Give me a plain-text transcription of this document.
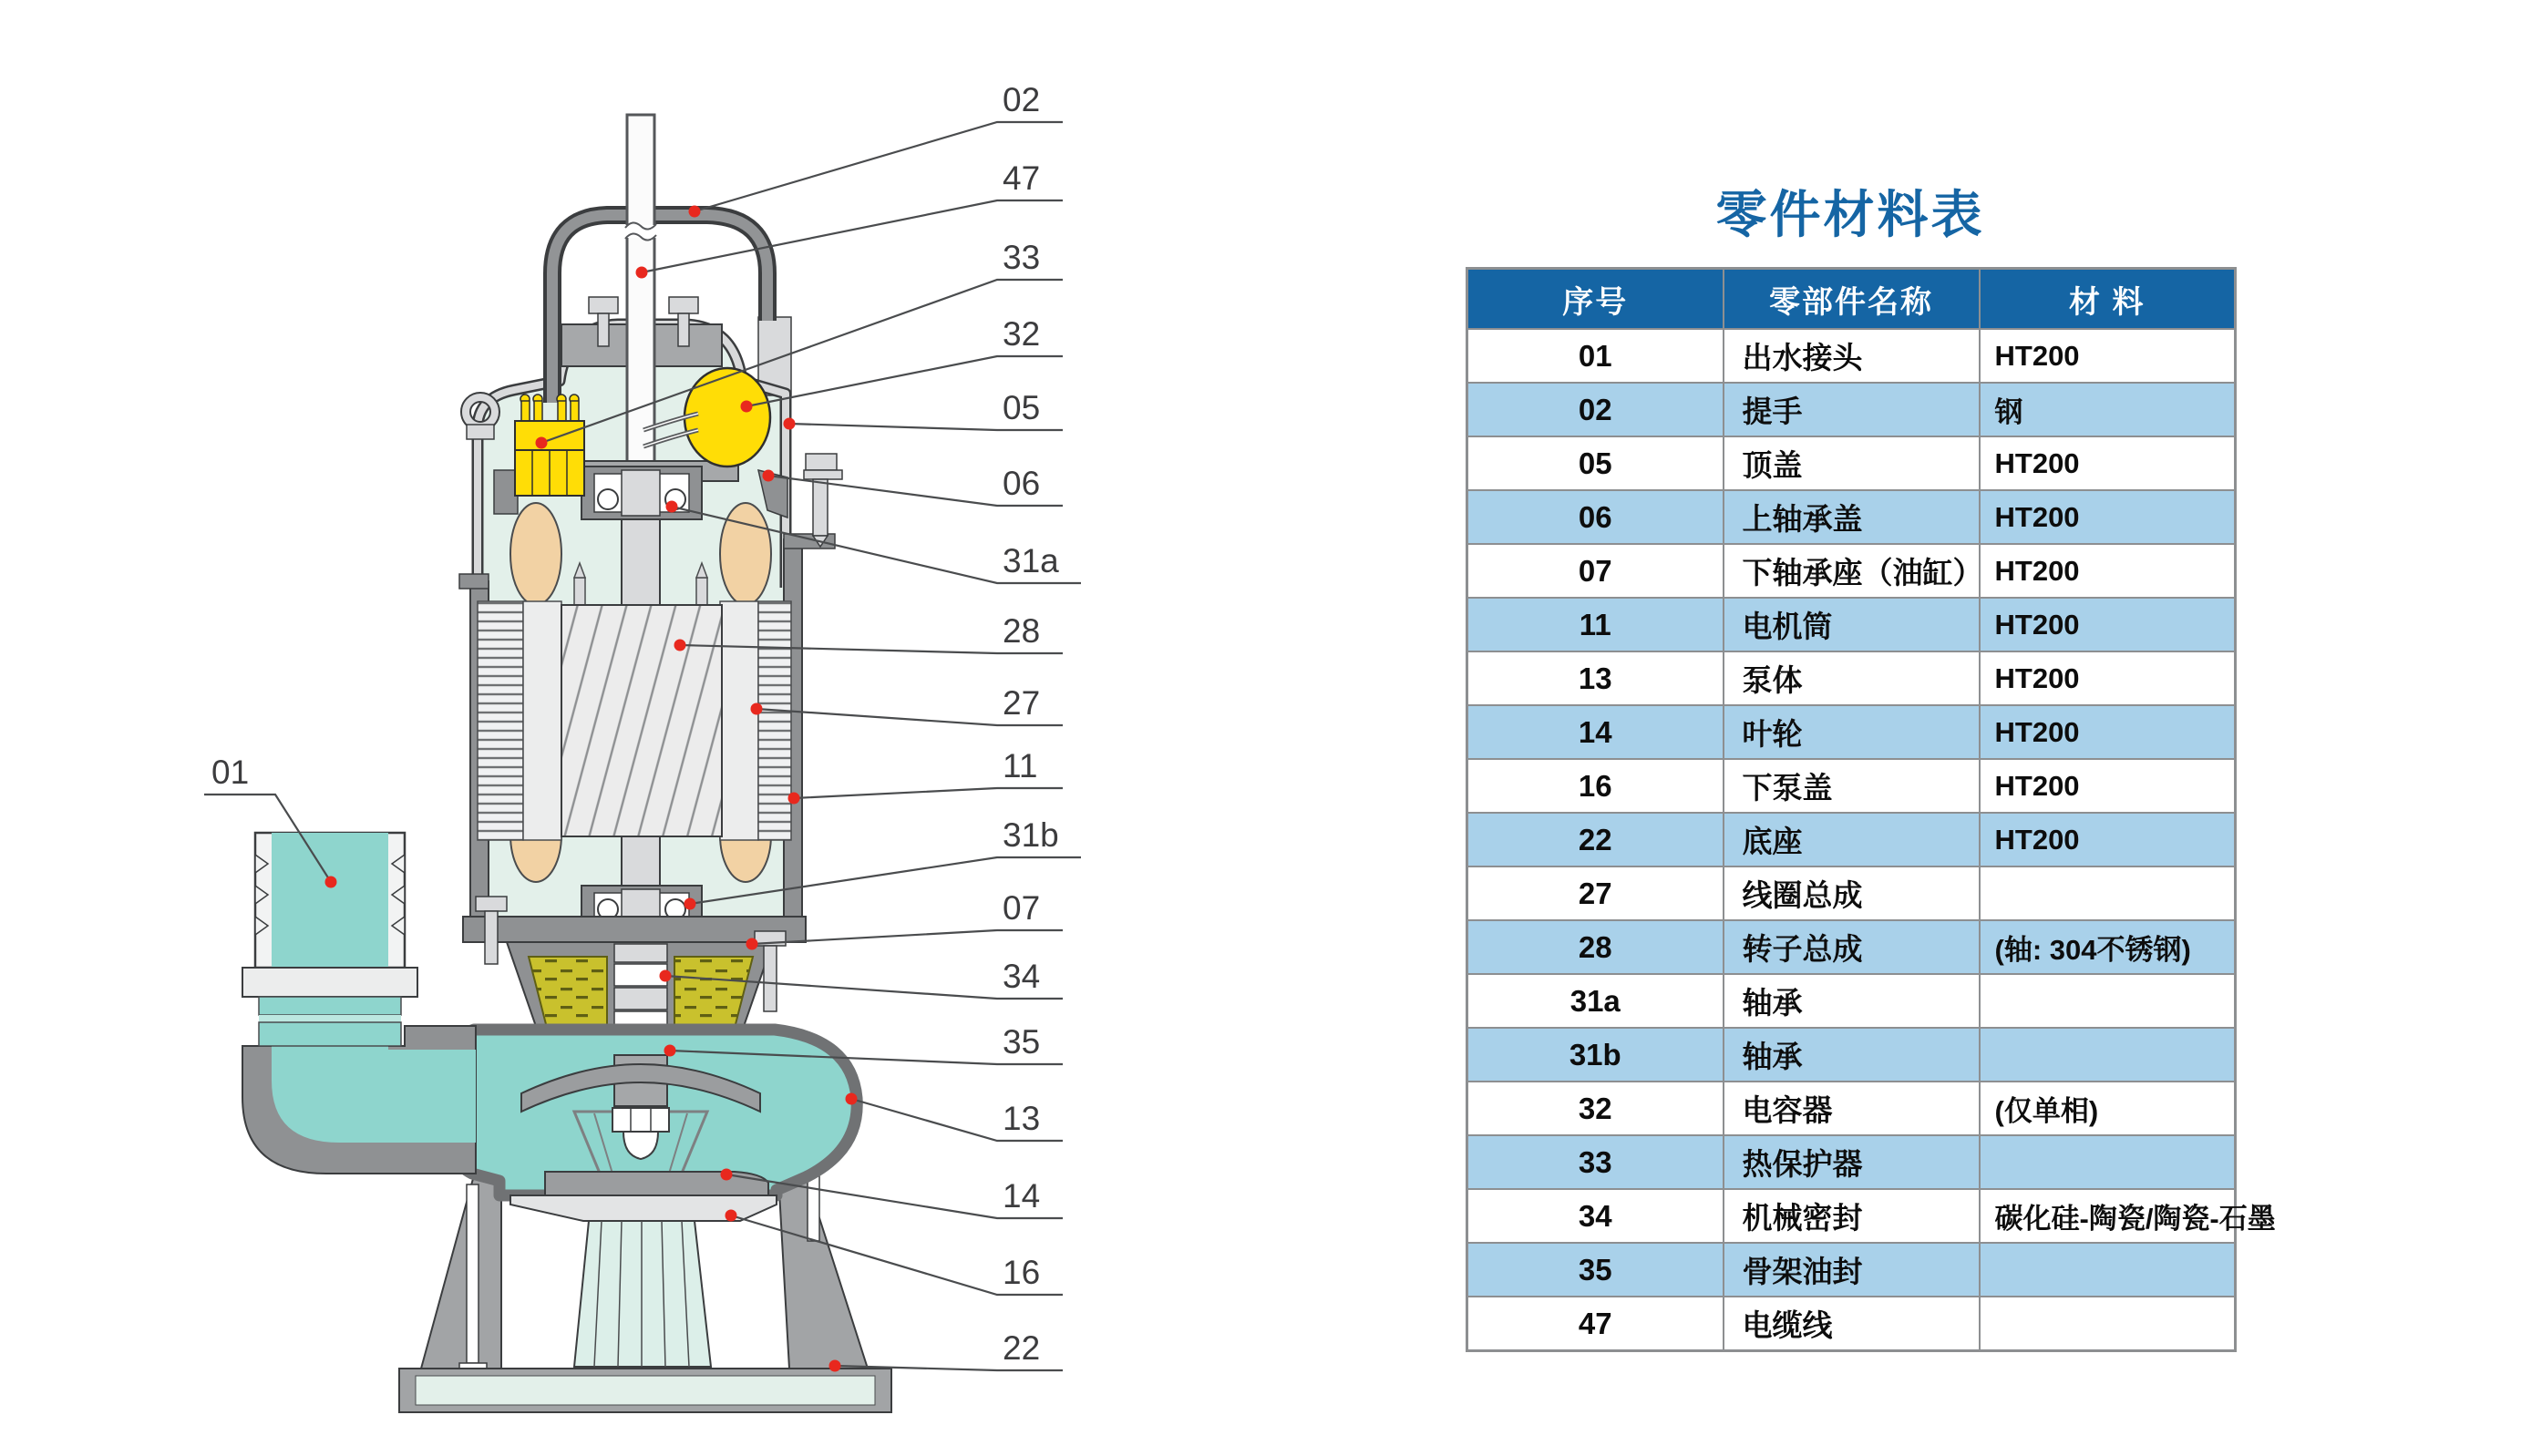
02
47
33
32
05
06
31a
28
27
11
31b
07
34
35
13
14
16
22
01
零件材料表
序号	零部件名称	材 料
01	出水接头	HT200
02	提手	钢
05	顶盖	HT200
06	上轴承盖	HT200
07	下轴承座（油缸）	HT200
11	电机筒	HT200
13	泵体	HT200
14	叶轮	HT200
16	下泵盖	HT200
22	底座	HT200
27	线圈总成	
28	转子总成	(轴: 304不锈钢)
31a	轴承	
31b	轴承	
32	电容器	(仅单相)
33	热保护器	
34	机械密封	碳化硅-陶瓷/陶瓷-石墨
35	骨架油封	
47	电缆线	
